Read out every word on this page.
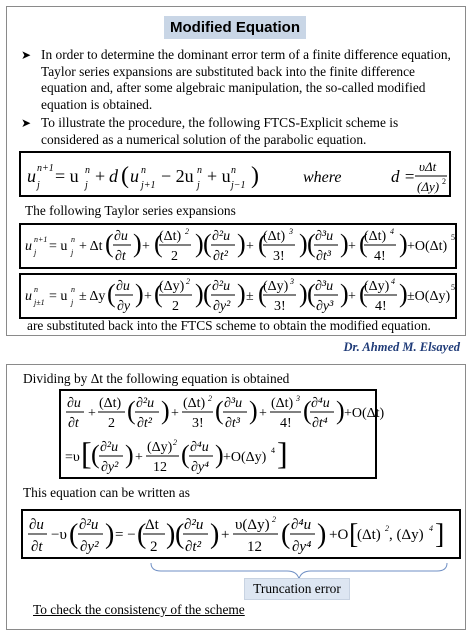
Modified Equation
➤ In order to determine the dominant error term of a finite difference equation, Taylor series expansions are substituted back into the finite difference equation and, after some algebraic manipulation, the so-called modified equation is obtained.
➤ To illustrate the procedure, the following FTCS-Explicit scheme is considered as a numerical solution of the parabolic equation.
u n+1
j = u n
j + d ( u n
j+1 − 2u n
j + u n
j−1 )	where	d =
υΔt
(Δy) 2
The following Taylor series expansions
u n+1
j = u n
j + Δt ( ∂u
∂t ) + (
(Δt) 2
2 ) ( ∂²u
∂t² ) + (
(Δt) 3
3! ) ( ∂³u
∂t³ ) + (
(Δt) 4
4! ) +O(Δt)
5
u n
j±1 = u n
j ± Δy ( ∂u
∂y ) + (
(Δy) 2
2 ) ( ∂²u
∂y² ) ± (
(Δy) 3
3! ) ( ∂³u
∂y³ ) + (
(Δy) 4
4! ) ±O(Δy)
5
are substituted back into the FTCS scheme to obtain the modified equation.
Dr. Ahmed M. Elsayed
Dividing by Δt the following equation is obtained
∂u
∂t
+
(Δt)
2 ( ∂²u
∂t² ) +
(Δt) 2
3! ( ∂³u
∂t³ ) +
(Δt) 3
4! ( ∂⁴u
∂t⁴ ) +O(Δt)
=υ [ ( ∂²u
∂y² ) +
(Δy) 2
12 ( ∂⁴u
∂y⁴ ) +O(Δy) 4 ]
This equation can be written as
∂u
∂t
−υ ( ∂²u
∂y² ) = − (
Δt
2 ) ( ∂²u
∂t² ) +
υ(Δy) 2
12 ( ∂⁴u
∂y⁴ ) +O [
(Δt) 2 , (Δy) 4 ]
To check the consistency of the scheme
Truncation error
